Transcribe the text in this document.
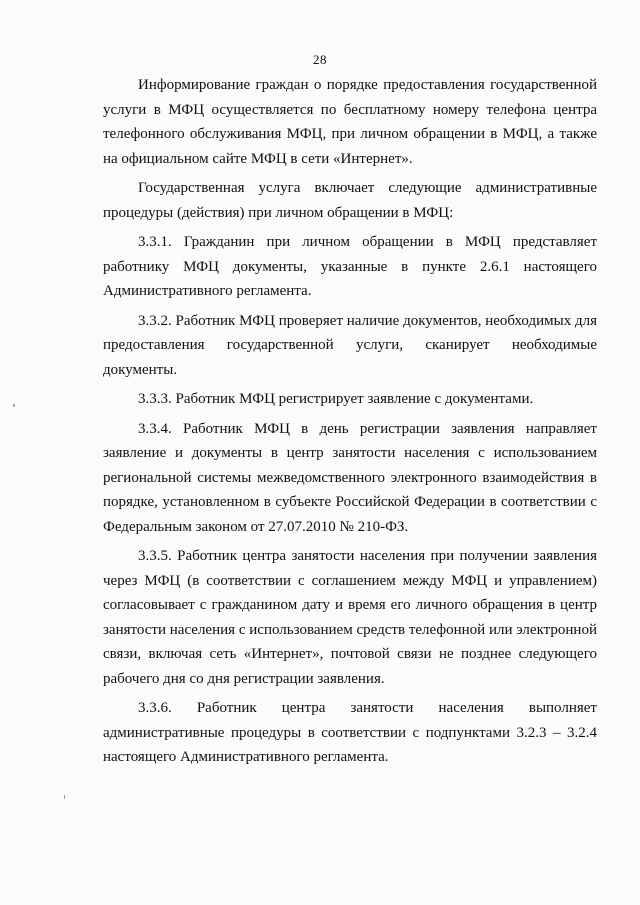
28

Информирование граждан о порядке предоставления государственной услуги в МФЦ осуществляется по бесплатному номеру телефона центра телефонного обслуживания МФЦ, при личном обращении в МФЦ, а также на официальном сайте МФЦ в сети «Интернет».

Государственная услуга включает следующие административные процедуры (действия) при личном обращении в МФЦ:

3.3.1. Гражданин при личном обращении в МФЦ представляет работнику МФЦ документы, указанные в пункте 2.6.1 настоящего Административного регламента.

3.3.2. Работник МФЦ проверяет наличие документов, необходимых для предоставления государственной услуги, сканирует необходимые документы.

3.3.3. Работник МФЦ регистрирует заявление с документами.

3.3.4. Работник МФЦ в день регистрации заявления направляет заявление и документы в центр занятости населения с использованием региональной системы межведомственного электронного взаимодействия в порядке, установленном в субъекте Российской Федерации в соответствии с Федеральным законом от 27.07.2010 № 210-ФЗ.

3.3.5. Работник центра занятости населения при получении заявления через МФЦ (в соответствии с соглашением между МФЦ и управлением) согласовывает с гражданином дату и время его личного обращения в центр занятости населения с использованием средств телефонной или электронной связи, включая сеть «Интернет», почтовой связи не позднее следующего рабочего дня со дня регистрации заявления.

3.3.6. Работник центра занятости населения выполняет административные процедуры в соответствии с подпунктами 3.2.3 – 3.2.4 настоящего Административного регламента.
